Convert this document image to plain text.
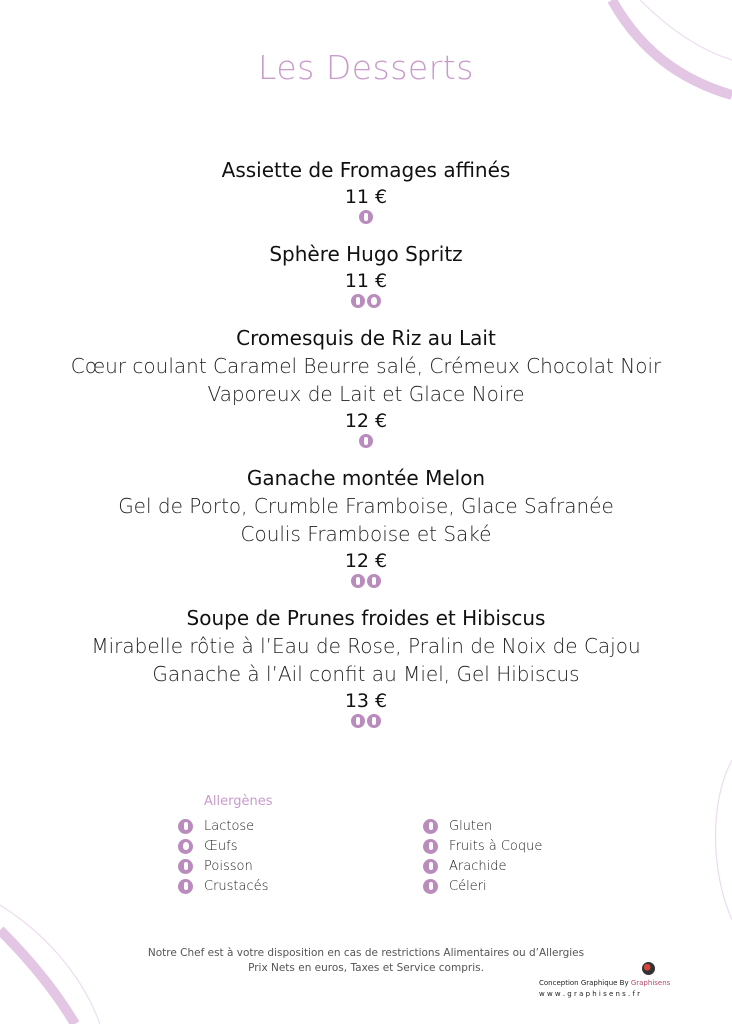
Les Desserts
Assiette de Fromages affinés
11 €
Sphère Hugo Spritz
11 €
Cromesquis de Riz au Lait
Cœur coulant Caramel Beurre salé, Crémeux Chocolat Noir
Vaporeux de Lait et Glace Noire
12 €
Ganache montée Melon
Gel de Porto, Crumble Framboise, Glace Safranée
Coulis Framboise et Saké
12 €
Soupe de Prunes froides et Hibiscus
Mirabelle rôtie à l’Eau de Rose, Pralin de Noix de Cajou
Ganache à l’Ail confit au Miel, Gel Hibiscus
13 €
Allergènes
Lactose
Œufs
Poisson
Crustacés
Gluten
Fruits à Coque
Arachide
Céleri
Notre Chef est à votre disposition en cas de restrictions Alimentaires ou d’Allergies
Prix Nets en euros, Taxes et Service compris.
Conception Graphique By Graphisens
w w w . g r a p h i s e n s . f r
